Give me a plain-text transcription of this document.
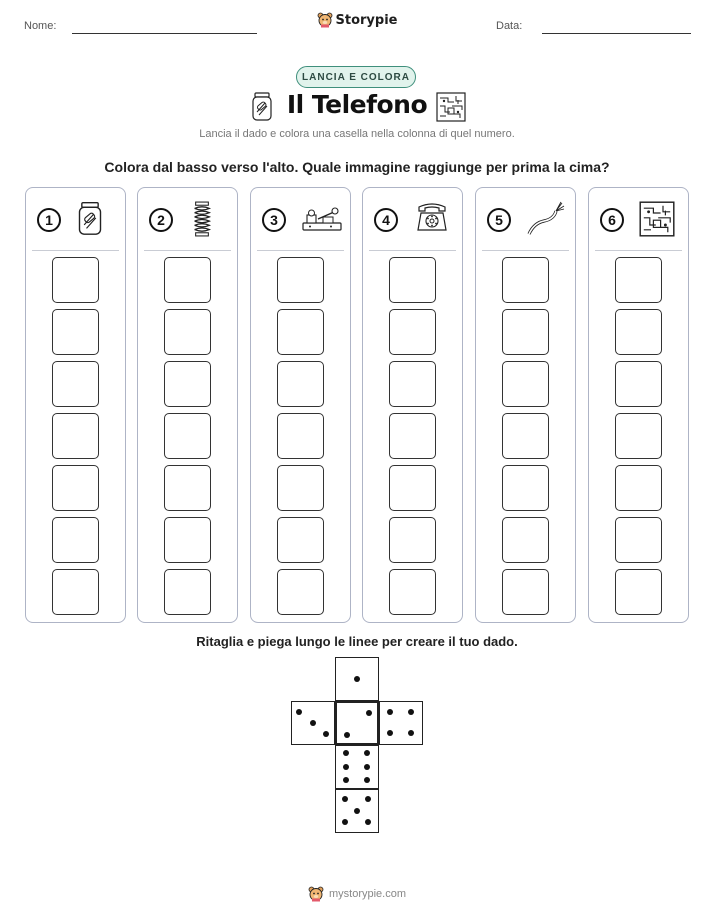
Nome:	Storypie	Data:
LANCIA E COLORA
Il Telefono
Lancia il dado e colora una casella nella colonna di quel numero.
Colora dal basso verso l'alto. Quale immagine raggiunge per prima la cima?
1	2	3	4	5	6
Ritaglia e piega lungo le linee per creare il tuo dado.
mystorypie.com
